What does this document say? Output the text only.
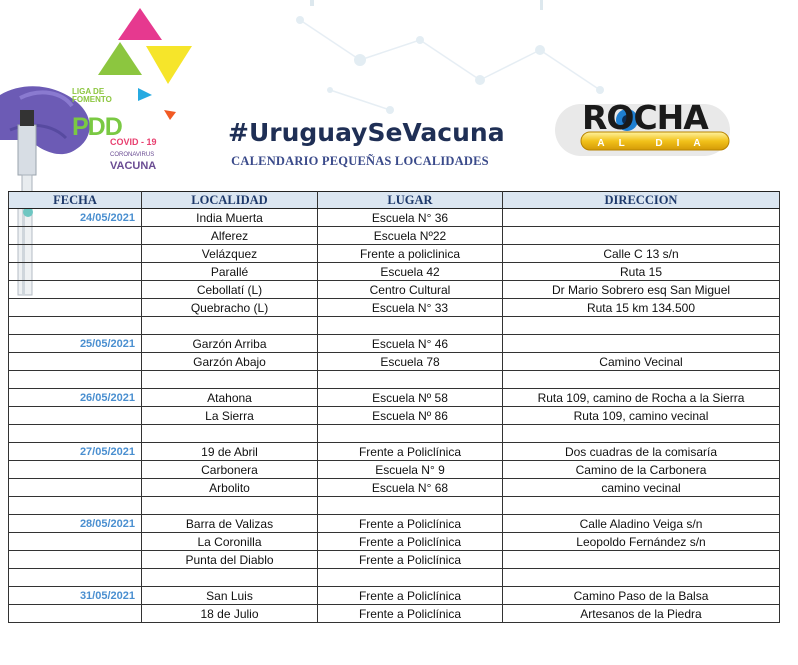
LIGA DE FOMENTO
PDD
COVID - 19
CORONAVIRUS
VACUNA
#UruguaySeVacuna
CALENDARIO PEQUEÑAS LOCALIDADES
ROCHA
AL DIA
FECHA	LOCALIDAD	LUGAR	DIRECCION
24/05/2021	India Muerta	Escuela N° 36	
	Alferez	Escuela Nº22	
	Velázquez	Frente a policlinica	Calle C 13 s/n
	Parallé	Escuela 42	Ruta 15
	Cebollatí (L)	Centro Cultural	Dr Mario Sobrero esq San Miguel
	Quebracho (L)	Escuela N° 33	Ruta 15 km 134.500

25/05/2021	Garzón Arriba	Escuela N° 46	
	Garzón Abajo	Escuela 78	Camino Vecinal

26/05/2021	Atahona	Escuela Nº 58	Ruta 109, camino de Rocha a la Sierra
	La Sierra	Escuela Nº 86	Ruta 109, camino vecinal

27/05/2021	19 de Abril	Frente a Policlínica	Dos cuadras de la comisaría
	Carbonera	Escuela N° 9	Camino de la Carbonera
	Arbolito	Escuela N° 68	camino vecinal

28/05/2021	Barra de Valizas	Frente a Policlínica	Calle Aladino Veiga s/n
	La Coronilla	Frente a Policlínica	Leopoldo Fernández s/n
	Punta del Diablo	Frente a Policlínica	

31/05/2021	San Luis	Frente a Policlínica	Camino Paso de la Balsa
	18 de Julio	Frente a Policlínica	Artesanos de la Piedra
